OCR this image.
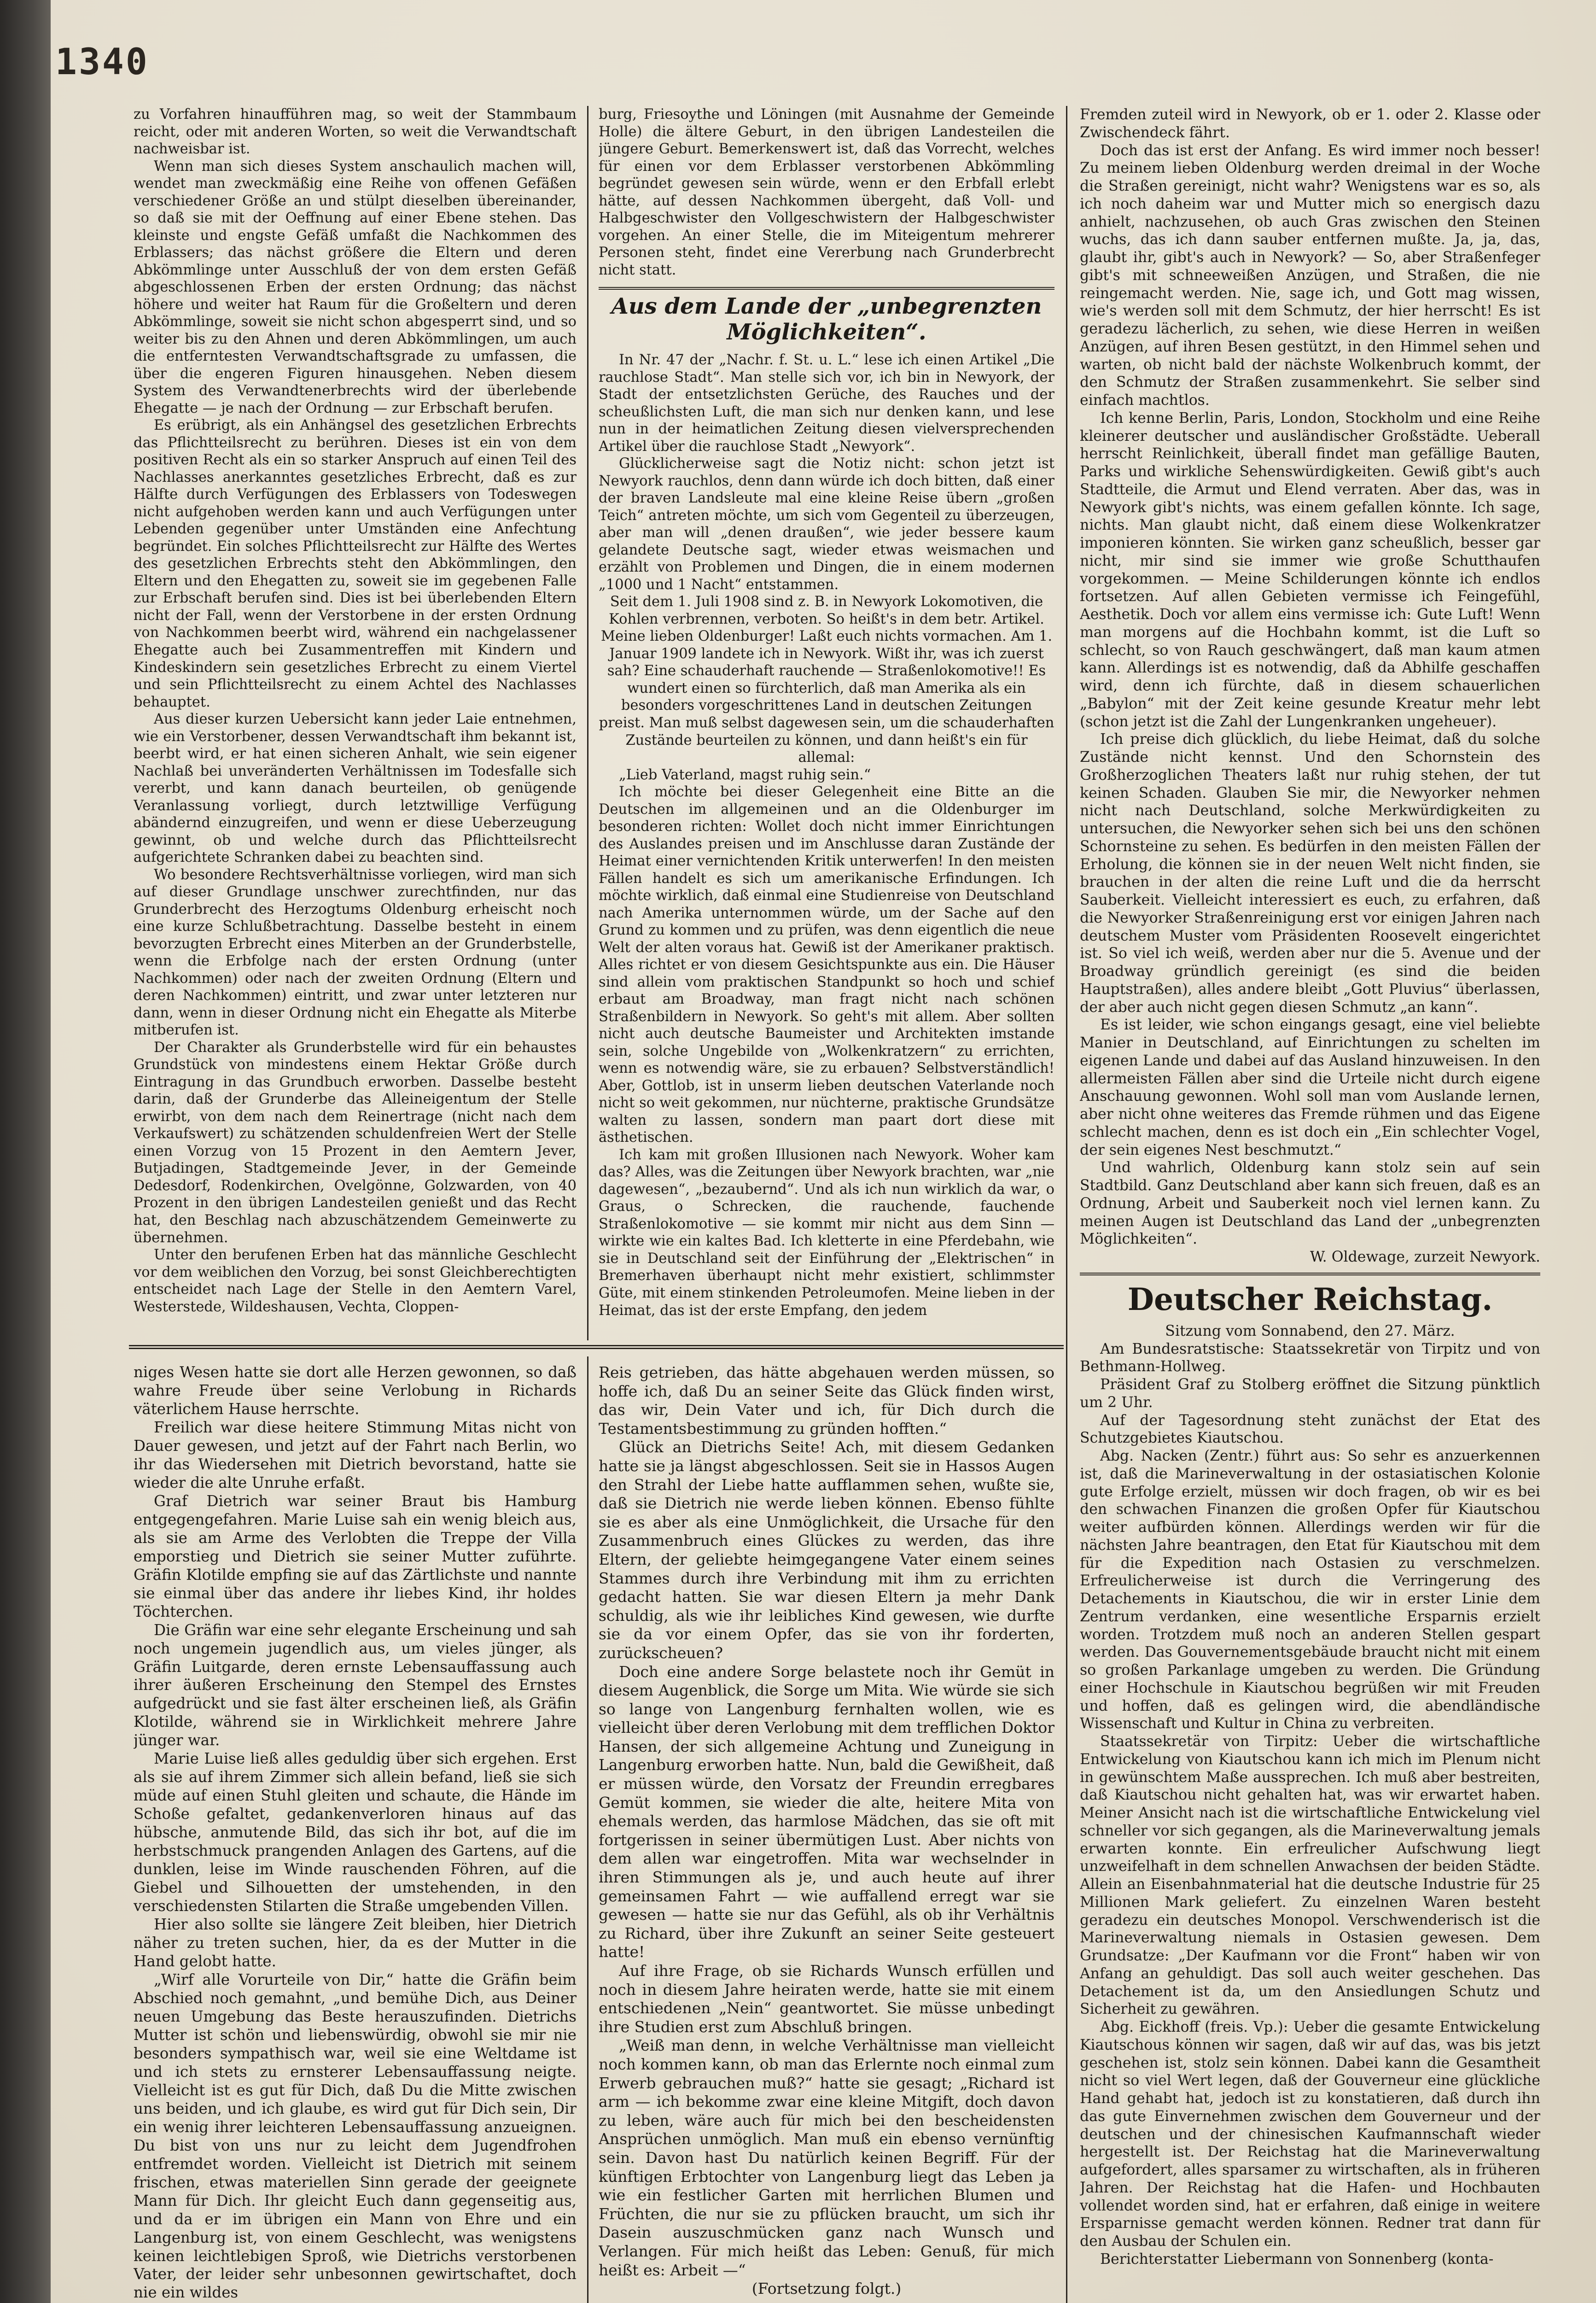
1340

zu Vorfahren hinaufführen mag, so weit der Stammbaum reicht, oder mit anderen Worten, so weit die Verwandtschaft nachweisbar ist.

Wenn man sich dieses System anschaulich machen will, wendet man zweckmäßig eine Reihe von offenen Gefäßen verschiedener Größe an und stülpt dieselben übereinander, so daß sie mit der Oeffnung auf einer Ebene stehen. Das kleinste und engste Gefäß umfaßt die Nachkommen des Erblassers; das nächst größere die Eltern und deren Abkömmlinge unter Ausschluß der von dem ersten Gefäß abgeschlossenen Erben der ersten Ordnung; das nächst höhere und weiter hat Raum für die Großeltern und deren Abkömmlinge, soweit sie nicht schon abgesperrt sind, und so weiter bis zu den Ahnen und deren Abkömmlingen, um auch die entferntesten Verwandtschaftsgrade zu umfassen, die über die engeren Figuren hinausgehen. Neben diesem System des Verwandtenerbrechts wird der überlebende Ehegatte — je nach der Ordnung — zur Erbschaft berufen.

Es erübrigt, als ein Anhängsel des gesetzlichen Erbrechts das Pflichtteilsrecht zu berühren. Dieses ist ein von dem positiven Recht als ein so starker Anspruch auf einen Teil des Nachlasses anerkanntes gesetzliches Erbrecht, daß es zur Hälfte durch Verfügungen des Erblassers von Todeswegen nicht aufgehoben werden kann und auch Verfügungen unter Lebenden gegenüber unter Umständen eine Anfechtung begründet. Ein solches Pflichtteilsrecht zur Hälfte des Wertes des gesetzlichen Erbrechts steht den Abkömmlingen, den Eltern und den Ehegatten zu, soweit sie im gegebenen Falle zur Erbschaft berufen sind. Dies ist bei überlebenden Eltern nicht der Fall, wenn der Verstorbene in der ersten Ordnung von Nachkommen beerbt wird, während ein nachgelassener Ehegatte auch bei Zusammentreffen mit Kindern und Kindeskindern sein gesetzliches Erbrecht zu einem Viertel und sein Pflichtteilsrecht zu einem Achtel des Nachlasses behauptet.

Aus dieser kurzen Uebersicht kann jeder Laie entnehmen, wie ein Verstorbener, dessen Verwandtschaft ihm bekannt ist, beerbt wird, er hat einen sicheren Anhalt, wie sein eigener Nachlaß bei unveränderten Verhältnissen im Todesfalle sich vererbt, und kann danach beurteilen, ob genügende Veranlassung vorliegt, durch letztwillige Verfügung abändernd einzugreifen, und wenn er diese Ueberzeugung gewinnt, ob und welche durch das Pflichtteilsrecht aufgerichtete Schranken dabei zu beachten sind.

Wo besondere Rechtsverhältnisse vorliegen, wird man sich auf dieser Grundlage unschwer zurechtfinden, nur das Grunderbrecht des Herzogtums Oldenburg erheischt noch eine kurze Schlußbetrachtung. Dasselbe besteht in einem bevorzugten Erbrecht eines Miterben an der Grunderbstelle, wenn die Erbfolge nach der ersten Ordnung (unter Nachkommen) oder nach der zweiten Ordnung (Eltern und deren Nachkommen) eintritt, und zwar unter letzteren nur dann, wenn in dieser Ordnung nicht ein Ehegatte als Miterbe mitberufen ist.

Der Charakter als Grunderbstelle wird für ein behaustes Grundstück von mindestens einem Hektar Größe durch Eintragung in das Grundbuch erworben. Dasselbe besteht darin, daß der Grunderbe das Alleineigentum der Stelle erwirbt, von dem nach dem Reinertrage (nicht nach dem Verkaufswert) zu schätzenden schuldenfreien Wert der Stelle einen Vorzug von 15 Prozent in den Aemtern Jever, Butjadingen, Stadtgemeinde Jever, in der Gemeinde Dedesdorf, Rodenkirchen, Ovelgönne, Golzwarden, von 40 Prozent in den übrigen Landesteilen genießt und das Recht hat, den Beschlag nach abzuschätzendem Gemeinwerte zu übernehmen.

Unter den berufenen Erben hat das männliche Geschlecht vor dem weiblichen den Vorzug, bei sonst Gleichberechtigten entscheidet nach Lage der Stelle in den Aemtern Varel, Westerstede, Wildeshausen, Vechta, Cloppen-

burg, Friesoythe und Löningen (mit Ausnahme der Gemeinde Holle) die ältere Geburt, in den übrigen Landesteilen die jüngere Geburt. Bemerkenswert ist, daß das Vorrecht, welches für einen vor dem Erblasser verstorbenen Abkömmling begründet gewesen sein würde, wenn er den Erbfall erlebt hätte, auf dessen Nachkommen übergeht, daß Voll- und Halbgeschwister den Vollgeschwistern der Halbgeschwister vorgehen. An einer Stelle, die im Miteigentum mehrerer Personen steht, findet eine Vererbung nach Grunderbrecht nicht statt.

Aus dem Lande der „unbegrenzten Möglichkeiten“.

In Nr. 47 der „Nachr. f. St. u. L.“ lese ich einen Artikel „Die rauchlose Stadt“. Man stelle sich vor, ich bin in Newyork, der Stadt der entsetzlichsten Gerüche, des Rauches und der scheußlichsten Luft, die man sich nur denken kann, und lese nun in der heimatlichen Zeitung diesen vielversprechenden Artikel über die rauchlose Stadt „Newyork“.

Glücklicherweise sagt die Notiz nicht: schon jetzt ist Newyork rauchlos, denn dann würde ich doch bitten, daß einer der braven Landsleute mal eine kleine Reise übern „großen Teich“ antreten möchte, um sich vom Gegenteil zu überzeugen, aber man will „denen draußen“, wie jeder bessere kaum gelandete Deutsche sagt, wieder etwas weismachen und erzählt von Problemen und Dingen, die in einem modernen „1000 und 1 Nacht“ entstammen.

Seit dem 1. Juli 1908 sind z. B. in Newyork Lokomotiven, die Kohlen verbrennen, verboten. So heißt's in dem betr. Artikel. Meine lieben Oldenburger! Laßt euch nichts vormachen. Am 1. Januar 1909 landete ich in Newyork. Wißt ihr, was ich zuerst sah? Eine schauderhaft rauchende — Straßenlokomotive!! Es wundert einen so fürchterlich, daß man Amerika als ein besonders vorgeschrittenes Land in deutschen Zeitungen preist. Man muß selbst dagewesen sein, um die schauderhaften Zustände beurteilen zu können, und dann heißt's ein für allemal:

„Lieb Vaterland, magst ruhig sein.“

Ich möchte bei dieser Gelegenheit eine Bitte an die Deutschen im allgemeinen und an die Oldenburger im besonderen richten: Wollet doch nicht immer Einrichtungen des Auslandes preisen und im Anschlusse daran Zustände der Heimat einer vernichtenden Kritik unterwerfen! In den meisten Fällen handelt es sich um amerikanische Erfindungen. Ich möchte wirklich, daß einmal eine Studienreise von Deutschland nach Amerika unternommen würde, um der Sache auf den Grund zu kommen und zu prüfen, was denn eigentlich die neue Welt der alten voraus hat. Gewiß ist der Amerikaner praktisch. Alles richtet er von diesem Gesichtspunkte aus ein. Die Häuser sind allein vom praktischen Standpunkt so hoch und schief erbaut am Broadway, man fragt nicht nach schönen Straßenbildern in Newyork. So geht's mit allem. Aber sollten nicht auch deutsche Baumeister und Architekten imstande sein, solche Ungebilde von „Wolkenkratzern“ zu errichten, wenn es notwendig wäre, sie zu erbauen? Selbstverständlich! Aber, Gottlob, ist in unserm lieben deutschen Vaterlande noch nicht so weit gekommen, nur nüchterne, praktische Grundsätze walten zu lassen, sondern man paart dort diese mit ästhetischen.

Ich kam mit großen Illusionen nach Newyork. Woher kam das? Alles, was die Zeitungen über Newyork brachten, war „nie dagewesen“, „bezaubernd“. Und als ich nun wirklich da war, o Graus, o Schrecken, die rauchende, fauchende Straßenlokomotive — sie kommt mir nicht aus dem Sinn — wirkte wie ein kaltes Bad. Ich kletterte in eine Pferdebahn, wie sie in Deutschland seit der Einführung der „Elektrischen“ in Bremerhaven überhaupt nicht mehr existiert, schlimmster Güte, mit einem stinkenden Petroleumofen. Meine lieben in der Heimat, das ist der erste Empfang, den jedem

Fremden zuteil wird in Newyork, ob er 1. oder 2. Klasse oder Zwischendeck fährt.

Doch das ist erst der Anfang. Es wird immer noch besser! Zu meinem lieben Oldenburg werden dreimal in der Woche die Straßen gereinigt, nicht wahr? Wenigstens war es so, als ich noch daheim war und Mutter mich so energisch dazu anhielt, nachzusehen, ob auch Gras zwischen den Steinen wuchs, das ich dann sauber entfernen mußte. Ja, ja, das, glaubt ihr, gibt's auch in Newyork? — So, aber Straßenfeger gibt's mit schneeweißen Anzügen, und Straßen, die nie reingemacht werden. Nie, sage ich, und Gott mag wissen, wie's werden soll mit dem Schmutz, der hier herrscht! Es ist geradezu lächerlich, zu sehen, wie diese Herren in weißen Anzügen, auf ihren Besen gestützt, in den Himmel sehen und warten, ob nicht bald der nächste Wolkenbruch kommt, der den Schmutz der Straßen zusammenkehrt. Sie selber sind einfach machtlos.

Ich kenne Berlin, Paris, London, Stockholm und eine Reihe kleinerer deutscher und ausländischer Großstädte. Ueberall herrscht Reinlichkeit, überall findet man gefällige Bauten, Parks und wirkliche Sehenswürdigkeiten. Gewiß gibt's auch Stadtteile, die Armut und Elend verraten. Aber das, was in Newyork gibt's nichts, was einem gefallen könnte. Ich sage, nichts. Man glaubt nicht, daß einem diese Wolkenkratzer imponieren könnten. Sie wirken ganz scheußlich, besser gar nicht, mir sind sie immer wie große Schutthaufen vorgekommen. — Meine Schilderungen könnte ich endlos fortsetzen. Auf allen Gebieten vermisse ich Feingefühl, Aesthetik. Doch vor allem eins vermisse ich: Gute Luft! Wenn man morgens auf die Hochbahn kommt, ist die Luft so schlecht, so von Rauch geschwängert, daß man kaum atmen kann. Allerdings ist es notwendig, daß da Abhilfe geschaffen wird, denn ich fürchte, daß in diesem schauerlichen „Babylon“ mit der Zeit keine gesunde Kreatur mehr lebt (schon jetzt ist die Zahl der Lungenkranken ungeheuer).

Ich preise dich glücklich, du liebe Heimat, daß du solche Zustände nicht kennst. Und den Schornstein des Großherzoglichen Theaters laßt nur ruhig stehen, der tut keinen Schaden. Glauben Sie mir, die Newyorker nehmen nicht nach Deutschland, solche Merkwürdigkeiten zu untersuchen, die Newyorker sehen sich bei uns den schönen Schornsteine zu sehen. Es bedürfen in den meisten Fällen der Erholung, die können sie in der neuen Welt nicht finden, sie brauchen in der alten die reine Luft und die da herrscht Sauberkeit. Vielleicht interessiert es euch, zu erfahren, daß die Newyorker Straßenreinigung erst vor einigen Jahren nach deutschem Muster vom Präsidenten Roosevelt eingerichtet ist. So viel ich weiß, werden aber nur die 5. Avenue und der Broadway gründlich gereinigt (es sind die beiden Hauptstraßen), alles andere bleibt „Gott Pluvius“ überlassen, der aber auch nicht gegen diesen Schmutz „an kann“.

Es ist leider, wie schon eingangs gesagt, eine viel beliebte Manier in Deutschland, auf Einrichtungen zu schelten im eigenen Lande und dabei auf das Ausland hinzuweisen. In den allermeisten Fällen aber sind die Urteile nicht durch eigene Anschauung gewonnen. Wohl soll man vom Auslande lernen, aber nicht ohne weiteres das Fremde rühmen und das Eigene schlecht machen, denn es ist doch ein „Ein schlechter Vogel, der sein eigenes Nest beschmutzt.“

Und wahrlich, Oldenburg kann stolz sein auf sein Stadtbild. Ganz Deutschland aber kann sich freuen, daß es an Ordnung, Arbeit und Sauberkeit noch viel lernen kann. Zu meinen Augen ist Deutschland das Land der „unbegrenzten Möglichkeiten“.

W. Oldewage, zurzeit Newyork.

Deutscher Reichstag.

Sitzung vom Sonnabend, den 27. März.

Am Bundesratstische: Staatssekretär von Tirpitz und von Bethmann-Hollweg.

Präsident Graf zu Stolberg eröffnet die Sitzung pünktlich um 2 Uhr.

Auf der Tagesordnung steht zunächst der Etat des Schutzgebietes Kiautschou.

Abg. Nacken (Zentr.) führt aus: So sehr es anzuerkennen ist, daß die Marineverwaltung in der ostasiatischen Kolonie gute Erfolge erzielt, müssen wir doch fragen, ob wir es bei den schwachen Finanzen die großen Opfer für Kiautschou weiter aufbürden können. Allerdings werden wir für die nächsten Jahre beantragen, den Etat für Kiautschou mit dem für die Expedition nach Ostasien zu verschmelzen. Erfreulicherweise ist durch die Verringerung des Detachements in Kiautschou, die wir in erster Linie dem Zentrum verdanken, eine wesentliche Ersparnis erzielt worden. Trotzdem muß noch an anderen Stellen gespart werden. Das Gouvernementsgebäude braucht nicht mit einem so großen Parkanlage umgeben zu werden. Die Gründung einer Hochschule in Kiautschou begrüßen wir mit Freuden und hoffen, daß es gelingen wird, die abendländische Wissenschaft und Kultur in China zu verbreiten.

Staatssekretär von Tirpitz: Ueber die wirtschaftliche Entwickelung von Kiautschou kann ich mich im Plenum nicht in gewünschtem Maße aussprechen. Ich muß aber bestreiten, daß Kiautschou nicht gehalten hat, was wir erwartet haben. Meiner Ansicht nach ist die wirtschaftliche Entwickelung viel schneller vor sich gegangen, als die Marineverwaltung jemals erwarten konnte. Ein erfreulicher Aufschwung liegt unzweifelhaft in dem schnellen Anwachsen der beiden Städte. Allein an Eisenbahnmaterial hat die deutsche Industrie für 25 Millionen Mark geliefert. Zu einzelnen Waren besteht geradezu ein deutsches Monopol. Verschwenderisch ist die Marineverwaltung niemals in Ostasien gewesen. Dem Grundsatze: „Der Kaufmann vor die Front“ haben wir von Anfang an gehuldigt. Das soll auch weiter geschehen. Das Detachement ist da, um den Ansiedlungen Schutz und Sicherheit zu gewähren.

Abg. Eickhoff (freis. Vp.): Ueber die gesamte Entwickelung Kiautschous können wir sagen, daß wir auf das, was bis jetzt geschehen ist, stolz sein können. Dabei kann die Gesamtheit nicht so viel Wert legen, daß der Gouverneur eine glückliche Hand gehabt hat, jedoch ist zu konstatieren, daß durch ihn das gute Einvernehmen zwischen dem Gouverneur und der deutschen und der chinesischen Kaufmannschaft wieder hergestellt ist. Der Reichstag hat die Marineverwaltung aufgefordert, alles sparsamer zu wirtschaften, als in früheren Jahren. Der Reichstag hat die Hafen- und Hochbauten vollendet worden sind, hat er erfahren, daß einige in weitere Ersparnisse gemacht werden können. Redner trat dann für den Ausbau der Schulen ein.

Berichterstatter Liebermann von Sonnenberg (konta-

niges Wesen hatte sie dort alle Herzen gewonnen, so daß wahre Freude über seine Verlobung in Richards väterlichem Hause herrschte.

Freilich war diese heitere Stimmung Mitas nicht von Dauer gewesen, und jetzt auf der Fahrt nach Berlin, wo ihr das Wiedersehen mit Dietrich bevorstand, hatte sie wieder die alte Unruhe erfaßt.

Graf Dietrich war seiner Braut bis Hamburg entgegengefahren. Marie Luise sah ein wenig bleich aus, als sie am Arme des Verlobten die Treppe der Villa emporstieg und Dietrich sie seiner Mutter zuführte. Gräfin Klotilde empfing sie auf das Zärtlichste und nannte sie einmal über das andere ihr liebes Kind, ihr holdes Töchterchen.

Die Gräfin war eine sehr elegante Erscheinung und sah noch ungemein jugendlich aus, um vieles jünger, als Gräfin Luitgarde, deren ernste Lebensauffassung auch ihrer äußeren Erscheinung den Stempel des Ernstes aufgedrückt und sie fast älter erscheinen ließ, als Gräfin Klotilde, während sie in Wirklichkeit mehrere Jahre jünger war.

Marie Luise ließ alles geduldig über sich ergehen. Erst als sie auf ihrem Zimmer sich allein befand, ließ sie sich müde auf einen Stuhl gleiten und schaute, die Hände im Schoße gefaltet, gedankenverloren hinaus auf das hübsche, anmutende Bild, das sich ihr bot, auf die im herbstschmuck prangenden Anlagen des Gartens, auf die dunklen, leise im Winde rauschenden Föhren, auf die Giebel und Silhouetten der umstehenden, in den verschiedensten Stilarten die Straße umgebenden Villen.

Hier also sollte sie längere Zeit bleiben, hier Dietrich näher zu treten suchen, hier, da es der Mutter in die Hand gelobt hatte.

„Wirf alle Vorurteile von Dir,“ hatte die Gräfin beim Abschied noch gemahnt, „und bemühe Dich, aus Deiner neuen Umgebung das Beste herauszufinden. Dietrichs Mutter ist schön und liebenswürdig, obwohl sie mir nie besonders sympathisch war, weil sie eine Weltdame ist und ich stets zu ernsterer Lebensauffassung neigte. Vielleicht ist es gut für Dich, daß Du die Mitte zwischen uns beiden, und ich glaube, es wird gut für Dich sein, Dir ein wenig ihrer leichteren Lebensauffassung anzueignen. Du bist von uns nur zu leicht dem Jugendfrohen entfremdet worden. Vielleicht ist Dietrich mit seinem frischen, etwas materiellen Sinn gerade der geeignete Mann für Dich. Ihr gleicht Euch dann gegenseitig aus, und da er im übrigen ein Mann von Ehre und ein Langenburg ist, von einem Geschlecht, was wenigstens keinen leichtlebigen Sproß, wie Dietrichs verstorbenen Vater, der leider sehr unbesonnen gewirtschaftet, doch nie ein wildes

Reis getrieben, das hätte abgehauen werden müssen, so hoffe ich, daß Du an seiner Seite das Glück finden wirst, das wir, Dein Vater und ich, für Dich durch die Testamentsbestimmung zu gründen hofften.“

Glück an Dietrichs Seite! Ach, mit diesem Gedanken hatte sie ja längst abgeschlossen. Seit sie in Hassos Augen den Strahl der Liebe hatte aufflammen sehen, wußte sie, daß sie Dietrich nie werde lieben können. Ebenso fühlte sie es aber als eine Unmöglichkeit, die Ursache für den Zusammenbruch eines Glückes zu werden, das ihre Eltern, der geliebte heimgegangene Vater einem seines Stammes durch ihre Verbindung mit ihm zu errichten gedacht hatten. Sie war diesen Eltern ja mehr Dank schuldig, als wie ihr leibliches Kind gewesen, wie durfte sie da vor einem Opfer, das sie von ihr forderten, zurückscheuen?

Doch eine andere Sorge belastete noch ihr Gemüt in diesem Augenblick, die Sorge um Mita. Wie würde sie sich so lange von Langenburg fernhalten wollen, wie es vielleicht über deren Verlobung mit dem trefflichen Doktor Hansen, der sich allgemeine Achtung und Zuneigung in Langenburg erworben hatte. Nun, bald die Gewißheit, daß er müssen würde, den Vorsatz der Freundin erregbares Gemüt kommen, sie wieder die alte, heitere Mita von ehemals werden, das harmlose Mädchen, das sie oft mit fortgerissen in seiner übermütigen Lust. Aber nichts von dem allen war eingetroffen. Mita war wechselnder in ihren Stimmungen als je, und auch heute auf ihrer gemeinsamen Fahrt — wie auffallend erregt war sie gewesen — hatte sie nur das Gefühl, als ob ihr Verhältnis zu Richard, über ihre Zukunft an seiner Seite gesteuert hatte!

Auf ihre Frage, ob sie Richards Wunsch erfüllen und noch in diesem Jahre heiraten werde, hatte sie mit einem entschiedenen „Nein“ geantwortet. Sie müsse unbedingt ihre Studien erst zum Abschluß bringen.

„Weiß man denn, in welche Verhältnisse man vielleicht noch kommen kann, ob man das Erlernte noch einmal zum Erwerb gebrauchen muß?“ hatte sie gesagt; „Richard ist arm — ich bekomme zwar eine kleine Mitgift, doch davon zu leben, wäre auch für mich bei den bescheidensten Ansprüchen unmöglich. Man muß ein ebenso vernünftig sein. Davon hast Du natürlich keinen Begriff. Für der künftigen Erbtochter von Langenburg liegt das Leben ja wie ein festlicher Garten mit herrlichen Blumen und Früchten, die nur sie zu pflücken braucht, um sich ihr Dasein auszuschmücken ganz nach Wunsch und Verlangen. Für mich heißt das Leben: Genuß, für mich heißt es: Arbeit —“

(Fortsetzung folgt.)
